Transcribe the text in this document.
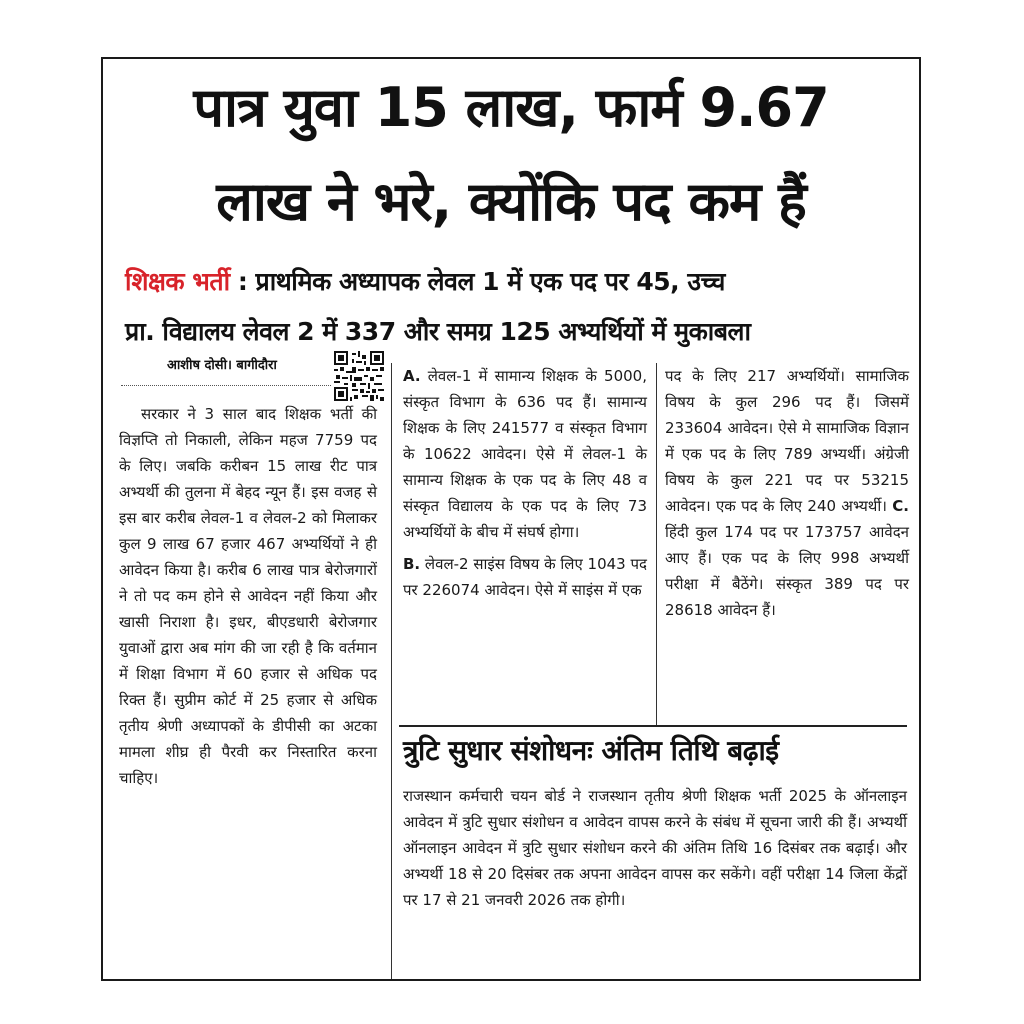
पात्र युवा 15 लाख, फार्म 9.67
लाख ने भरे, क्योंकि पद कम हैं
शिक्षक भर्ती : प्राथमिक अध्यापक लेवल 1 में एक पद पर 45, उच्च
प्रा. विद्यालय लेवल 2 में 337 और समग्र 125 अभ्यर्थियों में मुकाबला
आशीष दोसी। बागीदौरा
सरकार ने 3 साल बाद शिक्षक भर्ती की विज्ञप्ति तो निकाली, लेकिन महज 7759 पद के लिए। जबकि करीबन 15 लाख रीट पात्र अभ्यर्थी की तुलना में बेहद न्यून हैं। इस वजह से इस बार करीब लेवल-1 व लेवल-2 को मिलाकर कुल 9 लाख 67 हजार 467 अभ्यर्थियों ने ही आवेदन किया है। करीब 6 लाख पात्र बेरोजगारों ने तो पद कम होने से आवेदन नहीं किया और खासी निराशा है। इधर, बीएडधारी बेरोजगार युवाओं द्वारा अब मांग की जा रही है कि वर्तमान में शिक्षा विभाग में 60 हजार से अधिक पद रिक्त हैं। सुप्रीम कोर्ट में 25 हजार से अधिक तृतीय श्रेणी अध्यापकों के डीपीसी का अटका मामला शीघ्र ही पैरवी कर निस्तारित करना चाहिए।

A. लेवल-1 में सामान्य शिक्षक के 5000, संस्कृत विभाग के 636 पद हैं। सामान्य शिक्षक के लिए 241577 व संस्कृत विभाग के 10622 आवेदन। ऐसे में लेवल-1 के सामान्य शिक्षक के एक पद के लिए 48 व संस्कृत विद्यालय के एक पद के लिए 73 अभ्यर्थियों के बीच में संघर्ष होगा।

B. लेवल-2 साइंस विषय के लिए 1043 पद पर 226074 आवेदन। ऐसे में साइंस में एक

पद के लिए 217 अभ्यर्थियों। सामाजिक विषय के कुल 296 पद हैं। जिसमें 233604 आवेदन। ऐसे मे सामाजिक विज्ञान में एक पद के लिए 789 अभ्यर्थी। अंग्रेजी विषय के कुल 221 पद पर 53215 आवेदन। एक पद के लिए 240 अभ्यर्थी। C. हिंदी कुल 174 पद पर 173757 आवेदन आए हैं। एक पद के लिए 998 अभ्यर्थी परीक्षा में बैठेंगे। संस्कृत 389 पद पर 28618 आवेदन हैं।
त्रुटि सुधार संशोधनः अंतिम तिथि बढ़ाई
राजस्थान कर्मचारी चयन बोर्ड ने राजस्थान तृतीय श्रेणी शिक्षक भर्ती 2025 के ऑनलाइन आवेदन में त्रुटि सुधार संशोधन व आवेदन वापस करने के संबंध में सूचना जारी की हैं। अभ्यर्थी ऑनलाइन आवेदन में त्रुटि सुधार संशोधन करने की अंतिम तिथि 16 दिसंबर तक बढ़ाई। और अभ्यर्थी 18 से 20 दिसंबर तक अपना आवेदन वापस कर सकेंगे। वहीं परीक्षा 14 जिला केंद्रों पर 17 से 21 जनवरी 2026 तक होगी।
